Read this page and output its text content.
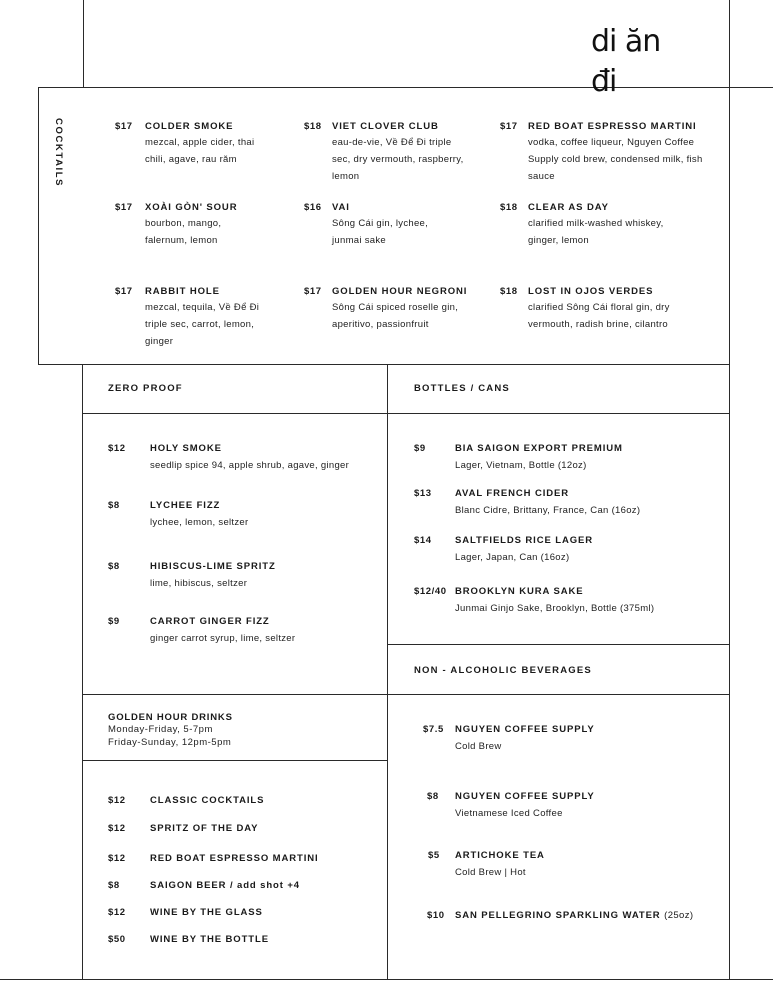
di ăn đi
COCKTAILS	$17 COLDER SMOKE
mezcal, apple cider, thai chili, agave, rau răm
$18 VIET CLOVER CLUB
eau-de-vie, Về Để Đi triple sec, dry vermouth, raspberry, lemon
$17 RED BOAT ESPRESSO MARTINI
vodka, coffee liqueur, Nguyen Coffee Supply cold brew, condensed milk, fish sauce
$17 XOÀI GÒN' SOUR
bourbon, mango, falernum, lemon
$16 VAI
Sông Cái gin, lychee, junmai sake
$18 CLEAR AS DAY
clarified milk-washed whiskey, ginger, lemon
$17 RABBIT HOLE
mezcal, tequila, Về Để Đi triple sec, carrot, lemon, ginger
$17 GOLDEN HOUR NEGRONI
Sông Cái spiced roselle gin, aperitivo, passionfruit
$18 LOST IN OJOS VERDES
clarified Sông Cái floral gin, dry vermouth, radish brine, cilantro
ZERO PROOF
$12	HOLY SMOKE
seedlip spice 94, apple shrub, agave, ginger
$8	LYCHEE FIZZ
lychee, lemon, seltzer
$8	HIBISCUS-LIME SPRITZ
lime, hibiscus, seltzer
$9	CARROT GINGER FIZZ
ginger carrot syrup, lime, seltzer
BOTTLES / CANS
$9	BIA SAIGON EXPORT PREMIUM
Lager, Vietnam, Bottle (12oz)
$13 AVAL FRENCH CIDER
Blanc Cidre, Brittany, France, Can (16oz)
$14 SALTFIELDS RICE LAGER
Lager, Japan, Can (16oz)
$12/40 BROOKLYN KURA SAKE
Junmai Ginjo Sake, Brooklyn, Bottle (375ml)
NON - ALCOHOLIC BEVERAGES
$7.5 NGUYEN COFFEE SUPPLY
Cold Brew
$8 NGUYEN COFFEE SUPPLY
Vietnamese Iced Coffee
$5 ARTICHOKE TEA
Cold Brew | Hot
$10 SAN PELLEGRINO SPARKLING WATER (25oz)
GOLDEN HOUR DRINKS
Monday-Friday, 5-7pm
Friday-Sunday, 12pm-5pm
$12	CLASSIC COCKTAILS
$12	SPRITZ OF THE DAY
$12	RED BOAT ESPRESSO MARTINI
$8	SAIGON BEER / add shot +4
$12	WINE BY THE GLASS
$50	WINE BY THE BOTTLE
